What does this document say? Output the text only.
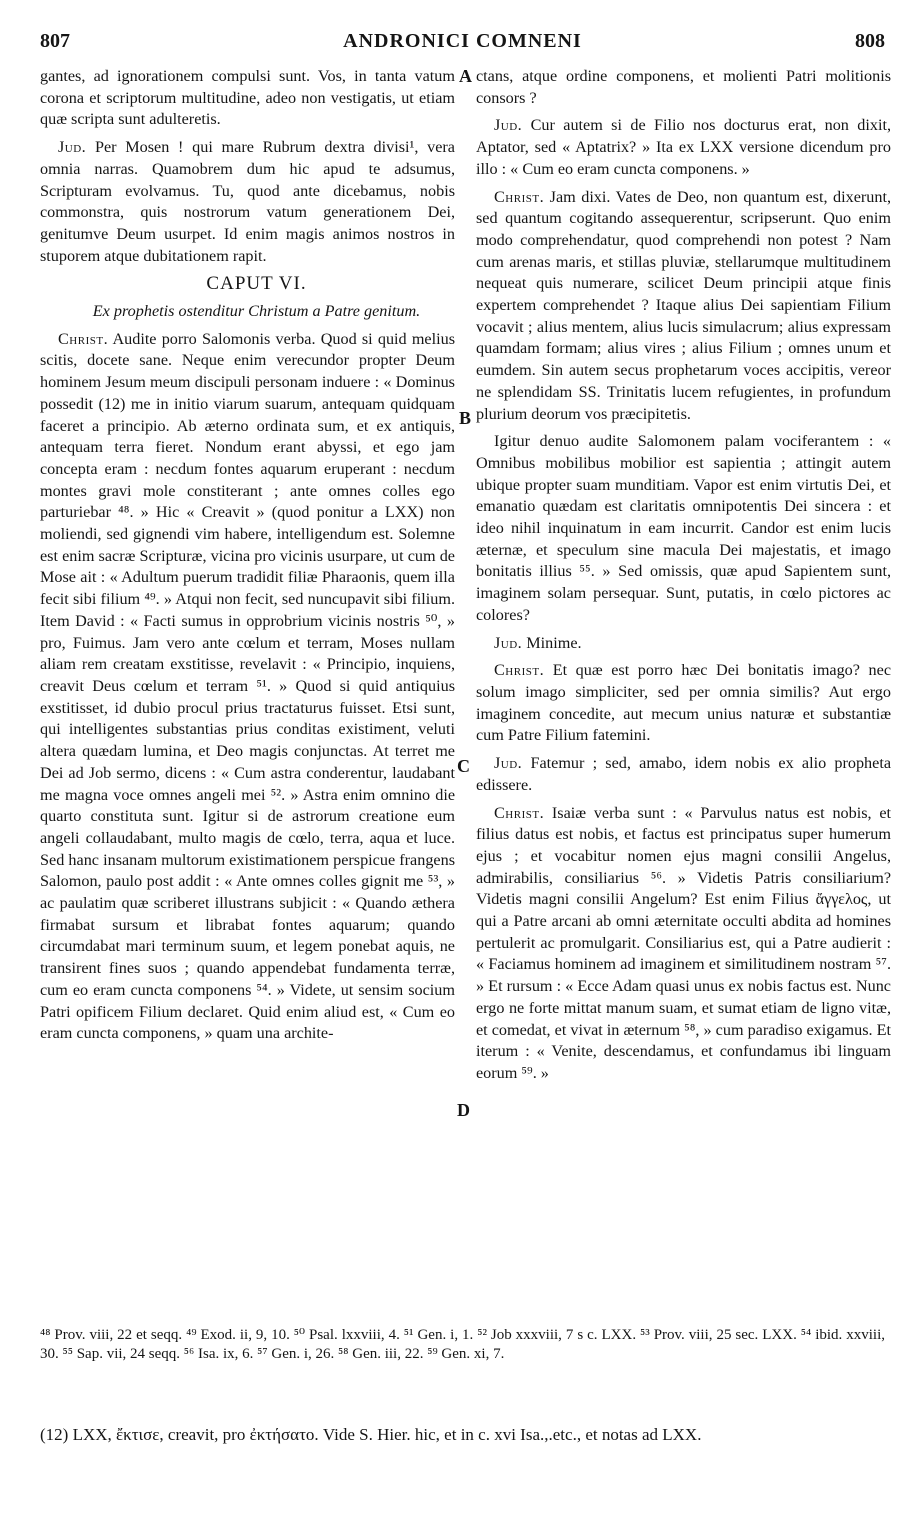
807	ANDRONICI COMNENI	808
A
B
C
D

gantes, ad ignorationem compulsi sunt. Vos, in tanta vatum corona et scriptorum multitudine, adeo non vestigatis, ut etiam quæ scripta sunt adulteretis.

Jud. Per Mosen ! qui mare Rubrum dextra divisi¹, vera omnia narras. Quamobrem dum hic apud te adsumus, Scripturam evolvamus. Tu, quod ante dicebamus, nobis commonstra, quis nostrorum vatum generationem Dei, genitumve Deum usurpet. Id enim magis animos nostros in stuporem atque dubitationem rapit.

CAPUT VI.

Ex prophetis ostenditur Christum a Patre genitum.

Christ. Audite porro Salomonis verba. Quod si quid melius scitis, docete sane. Neque enim verecundor propter Deum hominem Jesum meum discipuli personam induere : « Dominus possedit (12) me in initio viarum suarum, antequam quidquam faceret a principio. Ab æterno ordinata sum, et ex antiquis, antequam terra fieret. Nondum erant abyssi, et ego jam concepta eram : necdum fontes aquarum eruperant : necdum montes gravi mole constiterant ; ante omnes colles ego parturiebar ⁴⁸. » Hic « Creavit » (quod ponitur a LXX) non moliendi, sed gignendi vim habere, intelligendum est. Solemne est enim sacræ Scripturæ, vicina pro vicinis usurpare, ut cum de Mose ait : « Adultum puerum tradidit filiæ Pharaonis, quem illa fecit sibi filium ⁴⁹. » Atqui non fecit, sed nuncupavit sibi filium. Item David : « Facti sumus in opprobrium vicinis nostris ⁵⁰, » pro, Fuimus. Jam vero ante cœlum et terram, Moses nullam aliam rem creatam exstitisse, revelavit : « Principio, inquiens, creavit Deus cœlum et terram ⁵¹. » Quod si quid antiquius exstitisset, id dubio procul prius tractaturus fuisset. Etsi sunt, qui intelligentes substantias prius conditas existiment, veluti altera quædam lumina, et Deo magis conjunctas. At terret me Dei ad Job sermo, dicens : « Cum astra conderentur, laudabant me magna voce omnes angeli mei ⁵². » Astra enim omnino die quarto constituta sunt. Igitur si de astrorum creatione eum angeli collaudabant, multo magis de cœlo, terra, aqua et luce. Sed hanc insanam multorum existimationem perspicue frangens Salomon, paulo post addit : « Ante omnes colles gignit me ⁵³, » ac paulatim quæ scriberet illustrans subjicit : « Quando æthera firmabat sursum et librabat fontes aquarum; quando circumdabat mari terminum suum, et legem ponebat aquis, ne transirent fines suos ; quando appendebat fundamenta terræ, cum eo eram cuncta componens ⁵⁴. » Videte, ut sensim socium Patri opificem Filium declaret. Quid enim aliud est, « Cum eo eram cuncta componens, » quam una archite-

ctans, atque ordine componens, et molienti Patri molitionis consors ?

Jud. Cur autem si de Filio nos docturus erat, non dixit, Aptator, sed « Aptatrix? » Ita ex LXX versione dicendum pro illo : « Cum eo eram cuncta componens. »

Christ. Jam dixi. Vates de Deo, non quantum est, dixerunt, sed quantum cogitando assequerentur, scripserunt. Quo enim modo comprehendatur, quod comprehendi non potest ? Nam cum arenas maris, et stillas pluviæ, stellarumque multitudinem nequeat quis numerare, scilicet Deum principii atque finis expertem comprehendet ? Itaque alius Dei sapientiam Filium vocavit ; alius mentem, alius lucis simulacrum; alius expressam quamdam formam; alius vires ; alius Filium ; omnes unum et eumdem. Sin autem secus prophetarum voces accipitis, vereor ne splendidam SS. Trinitatis lucem refugientes, in profundum plurium deorum vos præcipitetis.

Igitur denuo audite Salomonem palam vociferantem : « Omnibus mobilibus mobilior est sapientia ; attingit autem ubique propter suam munditiam. Vapor est enim virtutis Dei, et emanatio quædam est claritatis omnipotentis Dei sincera : et ideo nihil inquinatum in eam incurrit. Candor est enim lucis æternæ, et speculum sine macula Dei majestatis, et imago bonitatis illius ⁵⁵. » Sed omissis, quæ apud Sapientem sunt, imaginem solam persequar. Sunt, putatis, in cœlo pictores ac colores?

Jud. Minime.

Christ. Et quæ est porro hæc Dei bonitatis imago? nec solum imago simpliciter, sed per omnia similis? Aut ergo imaginem concedite, aut mecum unius naturæ et substantiæ cum Patre Filium fatemini.

Jud. Fatemur ; sed, amabo, idem nobis ex alio propheta edissere.

Christ. Isaiæ verba sunt : « Parvulus natus est nobis, et filius datus est nobis, et factus est principatus super humerum ejus ; et vocabitur nomen ejus magni consilii Angelus, admirabilis, consiliarius ⁵⁶. » Videtis Patris consiliarium? Videtis magni consilii Angelum? Est enim Filius ἄγγελος, ut qui a Patre arcani ab omni æternitate occulti abdita ad homines pertulerit ac promulgarit. Consiliarius est, qui a Patre audierit : « Faciamus hominem ad imaginem et similitudinem nostram ⁵⁷. » Et rursum : « Ecce Adam quasi unus ex nobis factus est. Nunc ergo ne forte mittat manum suam, et sumat etiam de ligno vitæ, et comedat, et vivat in æternum ⁵⁸, » cum paradiso exigamus. Et iterum : « Venite, descendamus, et confundamus ibi linguam eorum ⁵⁹. »

⁴⁸ Prov. viii, 22 et seqq. ⁴⁹ Exod. ii, 9, 10. ⁵⁰ Psal. lxxviii, 4. ⁵¹ Gen. i, 1. ⁵² Job xxxviii, 7 s c. LXX. ⁵³ Prov. viii, 25 sec. LXX. ⁵⁴ ibid. xxviii, 30. ⁵⁵ Sap. vii, 24 seqq. ⁵⁶ Isa. ix, 6. ⁵⁷ Gen. i, 26. ⁵⁸ Gen. iii, 22. ⁵⁹ Gen. xi, 7.
(12) LXX, ἔκτισε, creavit, pro ἐκτήσατο. Vide S. Hier. hic, et in c. xvi Isa.,.etc., et notas ad LXX.
